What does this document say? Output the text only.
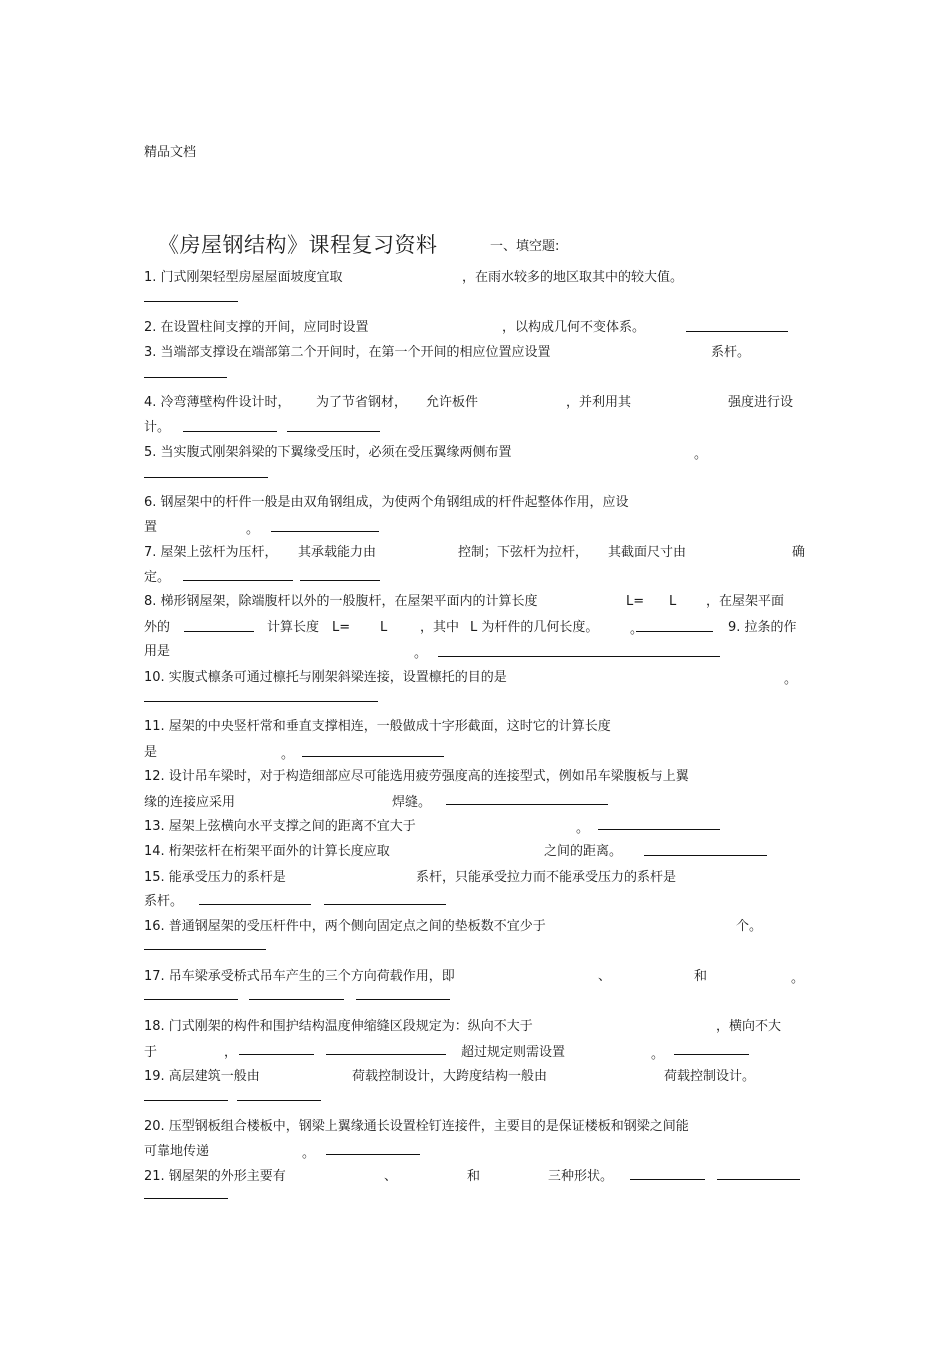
精品文档
《房屋钢结构》课程复习资料	一、填空题:
1. 门式刚架轻型房屋屋面坡度宜取	，在雨水较多的地区取其中的较大值。
2. 在设置柱间支撑的开间，应同时设置	，以构成几何不变体系。
3. 当端部支撑设在端部第二个开间时，在第一个开间的相应位置应设置	系杆。
4. 冷弯薄壁构件设计时， 为了节省钢材， 允许板件	，并利用其	强度进行设
计。
5. 当实腹式刚架斜梁的下翼缘受压时，必须在受压翼缘两侧布置	。
6. 钢屋架中的杆件一般是由双角钢组成，为使两个角钢组成的杆件起整体作用，应设
置	。
7. 屋架上弦杆为压杆， 其承载能力由	控制；下弦杆为拉杆， 其截面尺寸由	确
定。
8. 梯形钢屋架，除端腹杆以外的一般腹杆，在屋架平面内的计算长度	L= L ，在屋架平面
外的	计算长度 L= L	，其中 L 为杆件的几何长度。 。	9. 拉条的作
用是	。
10. 实腹式檩条可通过檩托与刚架斜梁连接，设置檩托的目的是	。
11. 屋架的中央竖杆常和垂直支撑相连，一般做成十字形截面，这时它的计算长度
是	。
12. 设计吊车梁时，对于构造细部应尽可能选用疲劳强度高的连接型式，例如吊车梁腹板与上翼
缘的连接应采用	焊缝。
13. 屋架上弦横向水平支撑之间的距离不宜大于	。
14. 桁架弦杆在桁架平面外的计算长度应取	之间的距离。
15. 能承受压力的系杆是	系杆，只能承受拉力而不能承受压力的系杆是
系杆。
16. 普通钢屋架的受压杆件中，两个侧向固定点之间的垫板数不宜少于	个。
17. 吊车梁承受桥式吊车产生的三个方向荷载作用，即	、	和	。
18. 门式刚架的构件和围护结构温度伸缩缝区段规定为：纵向不大于	，横向不大
于	，	超过规定则需设置	。
19. 高层建筑一般由	荷载控制设计，大跨度结构一般由	荷载控制设计。
20. 压型钢板组合楼板中，钢梁上翼缘通长设置栓钉连接件，主要目的是保证楼板和钢梁之间能
可靠地传递	。
21. 钢屋架的外形主要有	、	和	三种形状。
